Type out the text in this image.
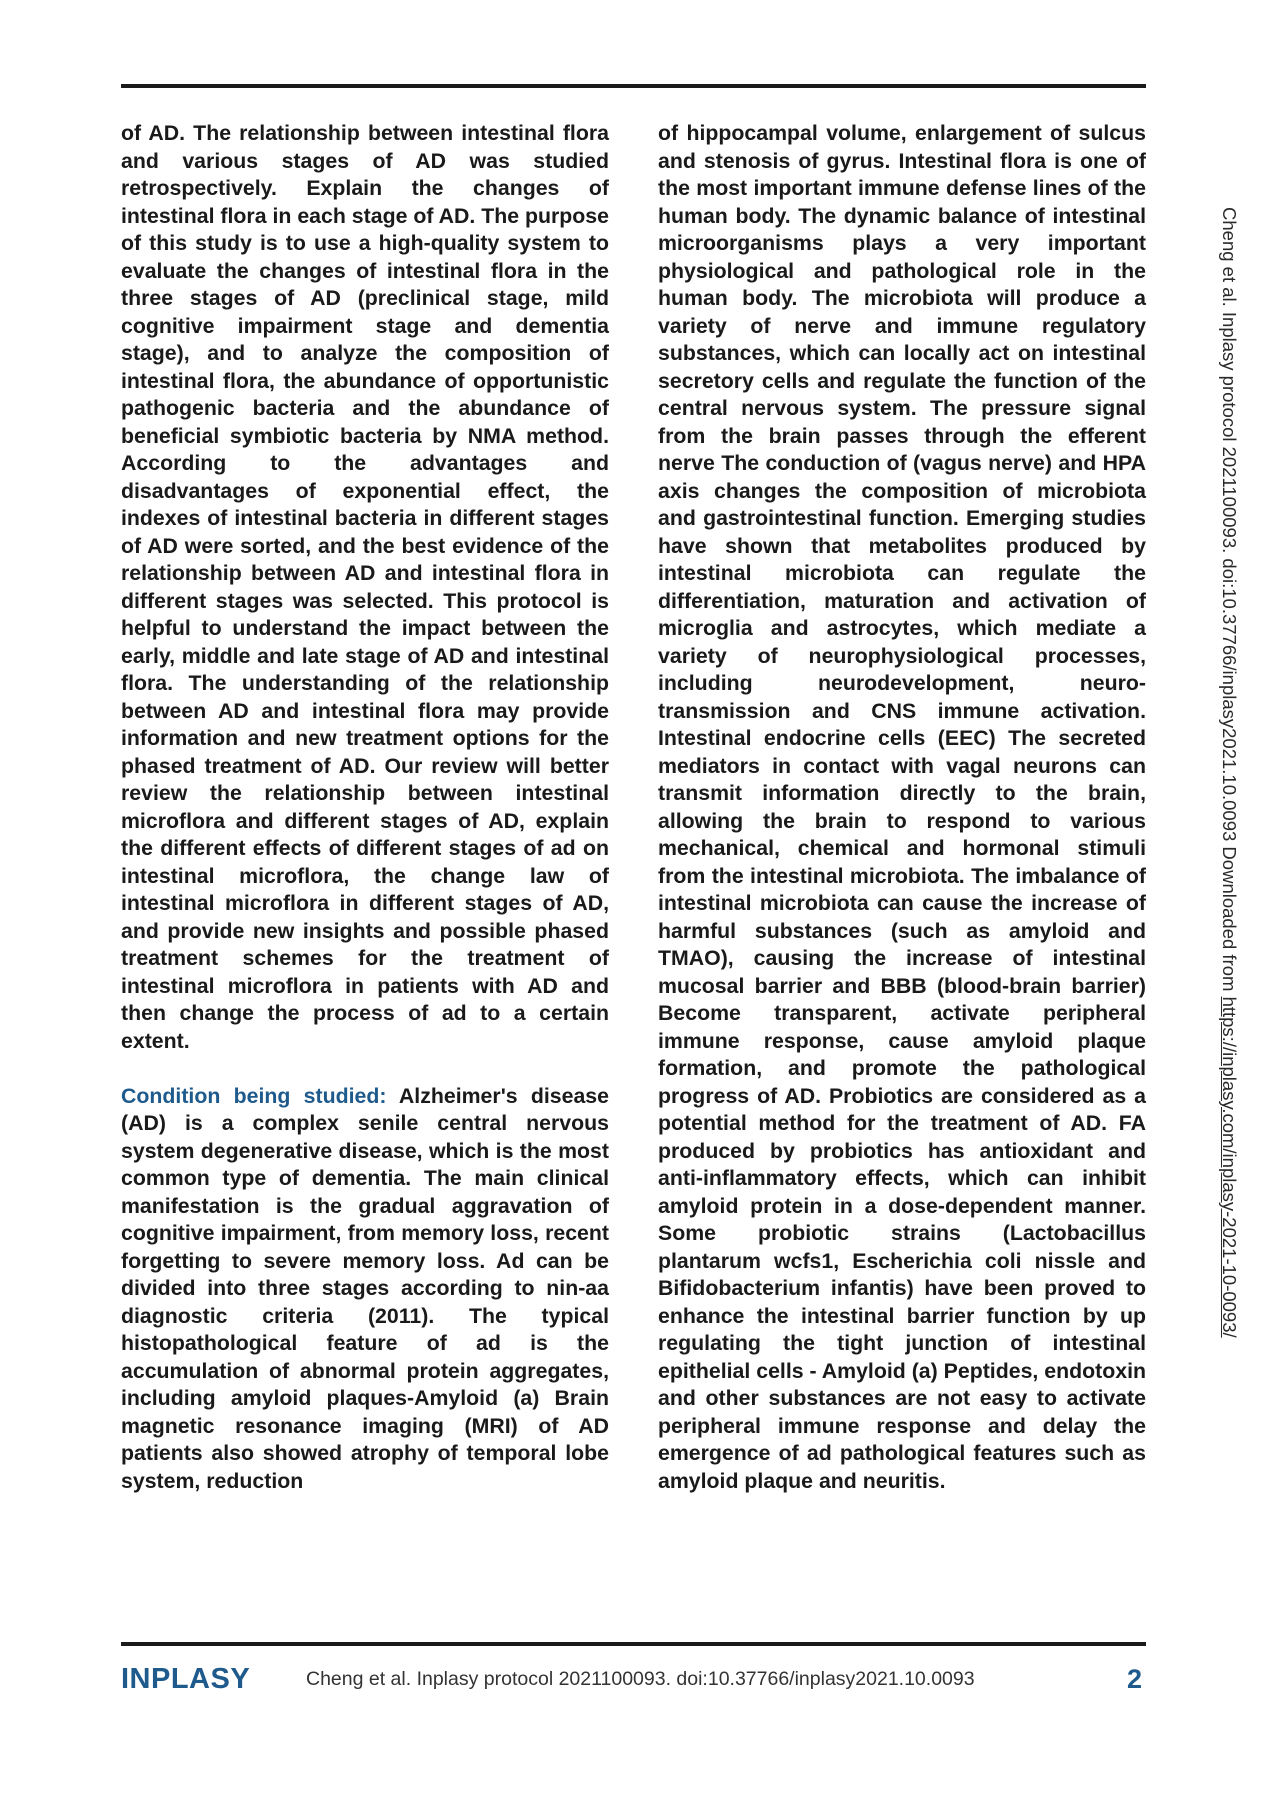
of AD. The relationship between intestinal flora and various stages of AD was studied retrospectively. Explain the changes of intestinal flora in each stage of AD. The purpose of this study is to use a high-quality system to evaluate the changes of intestinal flora in the three stages of AD (preclinical stage, mild cognitive impairment stage and dementia stage), and to analyze the composition of intestinal flora, the abundance of opportunistic pathogenic bacteria and the abundance of beneficial symbiotic bacteria by NMA method. According to the advantages and disadvantages of exponential effect, the indexes of intestinal bacteria in different stages of AD were sorted, and the best evidence of the relationship between AD and intestinal flora in different stages was selected. This protocol is helpful to understand the impact between the early, middle and late stage of AD and intestinal flora. The understanding of the relationship between AD and intestinal flora may provide information and new treatment options for the phased treatment of AD. Our review will better review the relationship between intestinal microflora and different stages of AD, explain the different effects of different stages of ad on intestinal microflora, the change law of intestinal microflora in different stages of AD, and provide new insights and possible phased treatment schemes for the treatment of intestinal microflora in patients with AD and then change the process of ad to a certain extent.

Condition being studied: Alzheimer's disease (AD) is a complex senile central nervous system degenerative disease, which is the most common type of dementia. The main clinical manifestation is the gradual aggravation of cognitive impairment, from memory loss, recent forgetting to severe memory loss. Ad can be divided into three stages according to nin-aa diagnostic criteria (2011). The typical histopathological feature of ad is the accumulation of abnormal protein aggregates, including amyloid plaques-Amyloid (a) Brain magnetic resonance imaging (MRI) of AD patients also showed atrophy of temporal lobe system, reduction

of hippocampal volume, enlargement of sulcus and stenosis of gyrus. Intestinal flora is one of the most important immune defense lines of the human body. The dynamic balance of intestinal microorganisms plays a very important physiological and pathological role in the human body. The microbiota will produce a variety of nerve and immune regulatory substances, which can locally act on intestinal secretory cells and regulate the function of the central nervous system. The pressure signal from the brain passes through the efferent nerve The conduction of (vagus nerve) and HPA axis changes the composition of microbiota and gastrointestinal function. Emerging studies have shown that metabolites produced by intestinal microbiota can regulate the differentiation, maturation and activation of microglia and astrocytes, which mediate a variety of neurophysiological processes, including neurodevelopment, neuro-transmission and CNS immune activation. Intestinal endocrine cells (EEC) The secreted mediators in contact with vagal neurons can transmit information directly to the brain, allowing the brain to respond to various mechanical, chemical and hormonal stimuli from the intestinal microbiota. The imbalance of intestinal microbiota can cause the increase of harmful substances (such as amyloid and TMAO), causing the increase of intestinal mucosal barrier and BBB (blood-brain barrier) Become transparent, activate peripheral immune response, cause amyloid plaque formation, and promote the pathological progress of AD. Probiotics are considered as a potential method for the treatment of AD. FA produced by probiotics has antioxidant and anti-inflammatory effects, which can inhibit amyloid protein in a dose-dependent manner. Some probiotic strains (Lactobacillus plantarum wcfs1, Escherichia coli nissle and Bifidobacterium infantis) have been proved to enhance the intestinal barrier function by up regulating the tight junction of intestinal epithelial cells - Amyloid (a) Peptides, endotoxin and other substances are not easy to activate peripheral immune response and delay the emergence of ad pathological features such as amyloid plaque and neuritis.

Cheng et al. Inplasy protocol 2021100093. doi:10.37766/inplasy2021.10.0093 Downloaded from https://inplasy.com/inplasy-2021-10-0093/
INPLASY	Cheng et al. Inplasy protocol 2021100093. doi:10.37766/inplasy2021.10.0093	2
